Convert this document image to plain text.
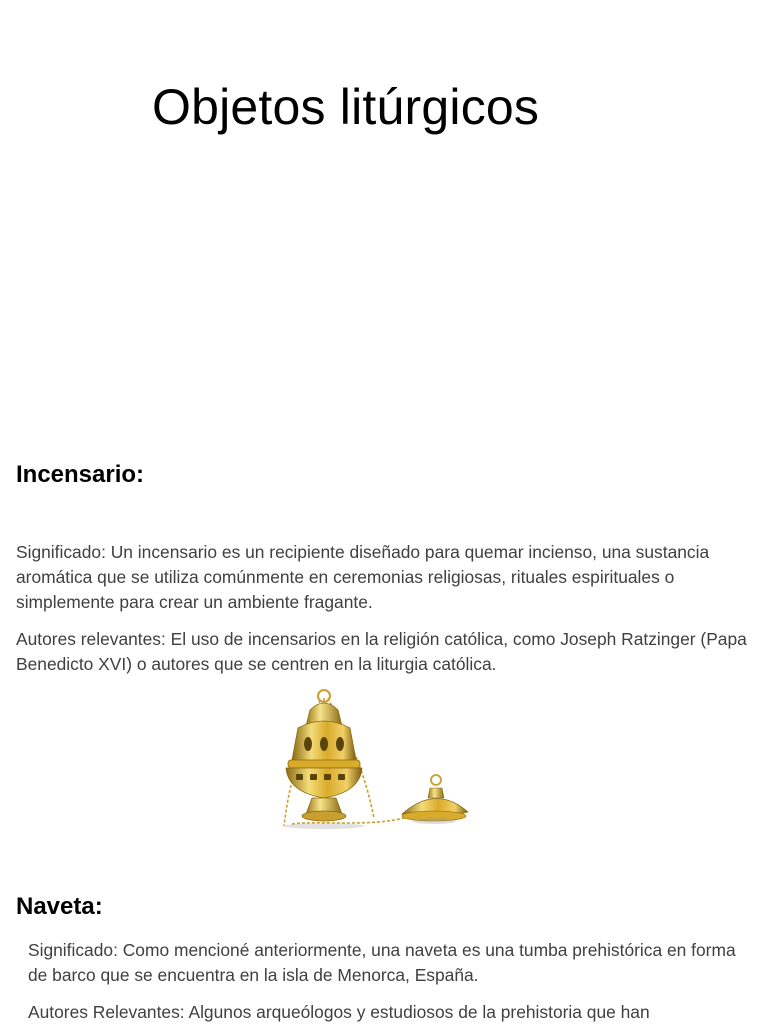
Objetos litúrgicos
Incensario:

Significado: Un incensario es un recipiente diseñado para quemar incienso, una sustancia aromática que se utiliza comúnmente en ceremonias religiosas, rituales espirituales o simplemente para crear un ambiente fragante.

Autores relevantes: El uso de incensarios en la religión católica, como Joseph Ratzinger (Papa Benedicto XVI) o autores que se centren en la liturgia católica.

Naveta:

Significado: Como mencioné anteriormente, una naveta es una tumba prehistórica en forma de barco que se encuentra en la isla de Menorca, España.

Autores Relevantes: Algunos arqueólogos y estudiosos de la prehistoria que han
